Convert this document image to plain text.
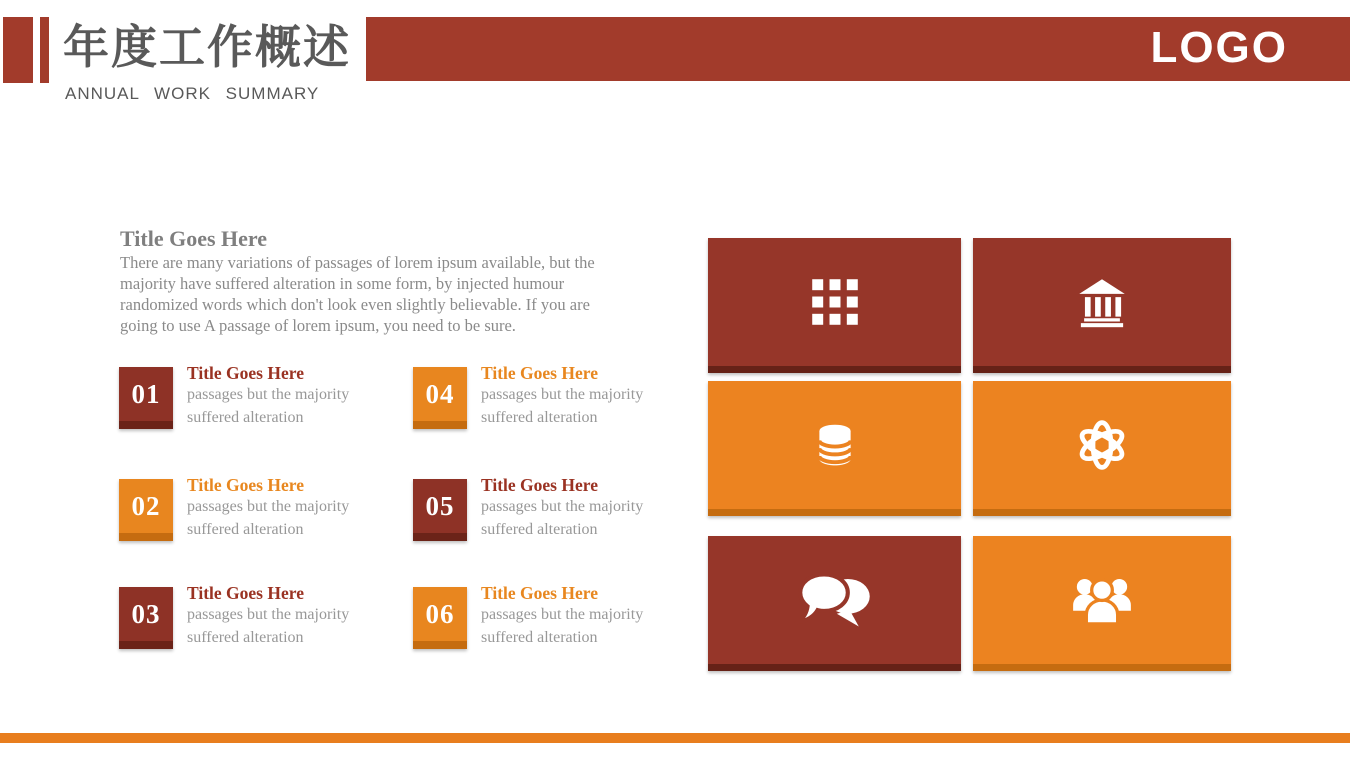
年度工作概述
ANNUAL WORK SUMMARY
LOGO
Title Goes Here
There are many variations of passages of lorem ipsum available, but the majority have suffered alteration in some form, by injected humour randomized words which don't look even slightly believable. If you are going to use A passage of lorem ipsum, you need to be sure.
01
Title Goes Here
passages but the majority suffered alteration
02
Title Goes Here
passages but the majority suffered alteration
03
Title Goes Here
passages but the majority suffered alteration
04
Title Goes Here
passages but the majority suffered alteration
05
Title Goes Here
passages but the majority suffered alteration
06
Title Goes Here
passages but the majority suffered alteration
